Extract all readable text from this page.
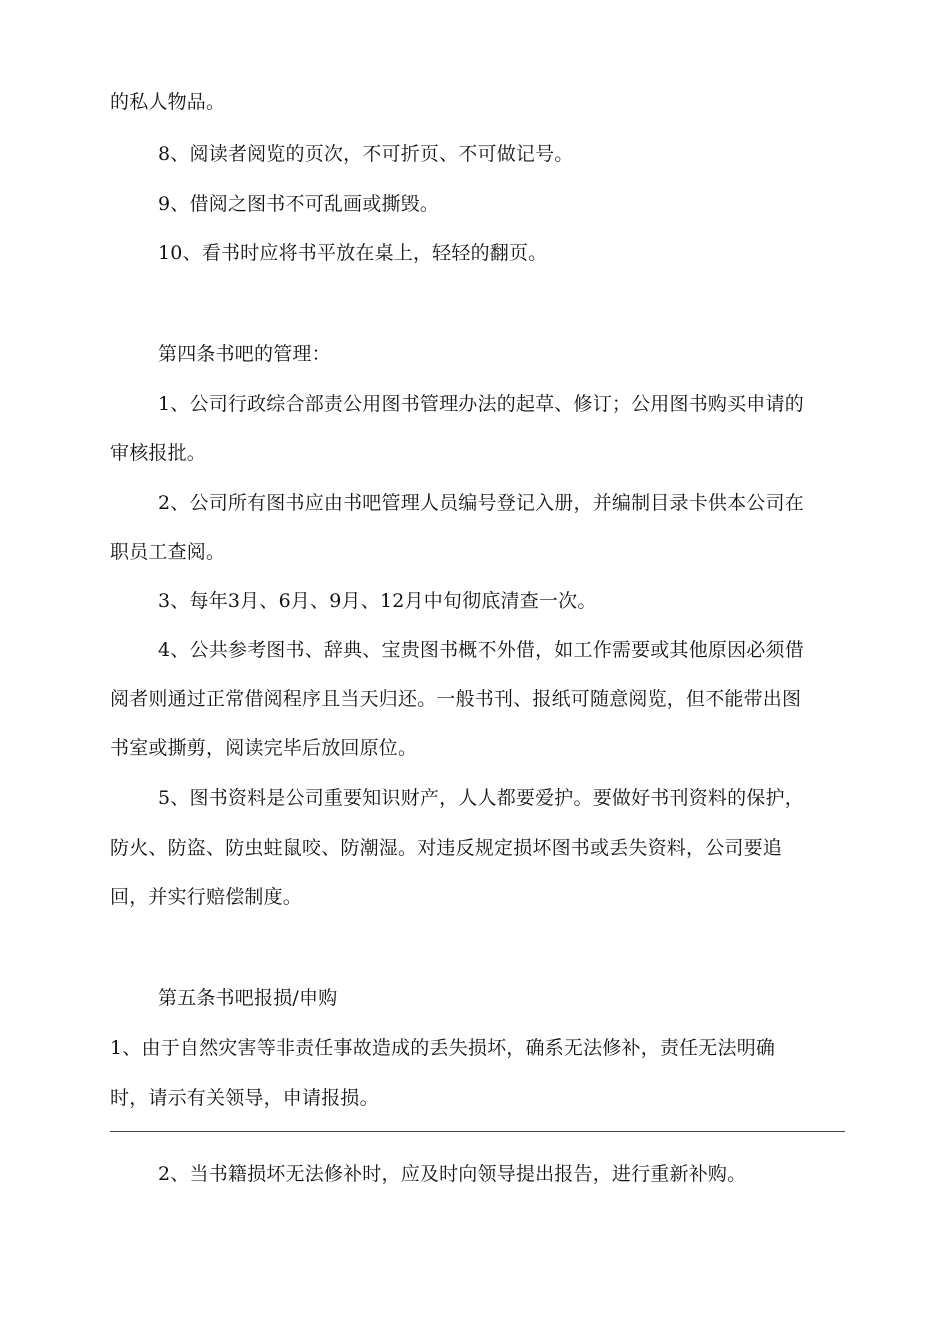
的私人物品。
8、阅读者阅览的页次，不可折页、不可做记号。
9、借阅之图书不可乱画或撕毁。
10、看书时应将书平放在桌上，轻轻的翻页。
第四条书吧的管理：
1、公司行政综合部责公用图书管理办法的起草、修订；公用图书购买申请的
审核报批。
2、公司所有图书应由书吧管理人员编号登记入册，并编制目录卡供本公司在
职员工查阅。
3、每年3月、6月、9月、12月中旬彻底清查一次。
4、公共参考图书、辞典、宝贵图书概不外借，如工作需要或其他原因必须借
阅者则通过正常借阅程序且当天归还。一般书刊、报纸可随意阅览，但不能带出图
书室或撕剪，阅读完毕后放回原位。
5、图书资料是公司重要知识财产，人人都要爱护。要做好书刊资料的保护，
防火、防盗、防虫蛀鼠咬、防潮湿。对违反规定损坏图书或丢失资料，公司要追
回，并实行赔偿制度。
第五条书吧报损/申购
1、由于自然灾害等非责任事故造成的丢失损坏，确系无法修补，责任无法明确
时，请示有关领导，申请报损。
2、当书籍损坏无法修补时，应及时向领导提出报告，进行重新补购。
